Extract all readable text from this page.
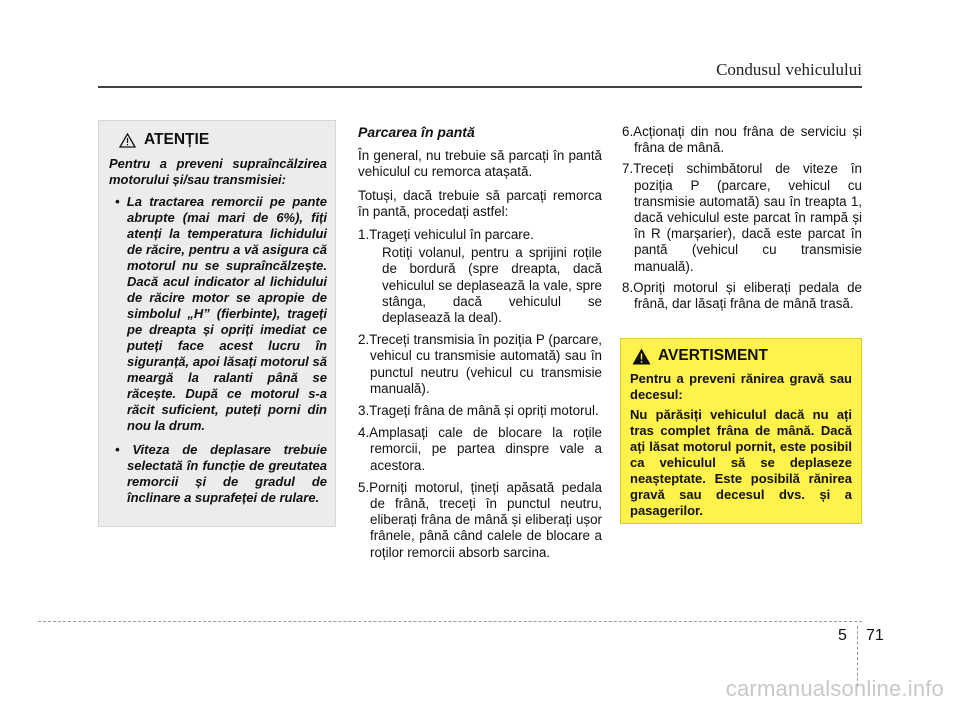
Condusul vehiculului
ATENȚIE

Pentru a preveni supraîncălzirea motorului și/sau transmisiei:

• La tractarea remorcii pe pante abrupte (mai mari de 6%), fiți atenți la temperatura lichidului de răcire, pentru a vă asigura că motorul nu se supraîncălzește. Dacă acul indicator al lichidului de răcire motor se apropie de simbolul „H” (fierbinte), trageți pe dreapta și opriți imediat ce puteți face acest lucru în siguranță, apoi lăsați motorul să meargă la ralanti până se răcește. După ce motorul s-a răcit suficient, puteți porni din nou la drum.
• Viteza de deplasare trebuie selectată în funcție de greutatea remorcii și de gradul de înclinare a suprafeței de rulare.
Parcarea în pantă

În general, nu trebuie să parcați în pantă vehiculul cu remorca atașată.

Totuși, dacă trebuie să parcați remorca în pantă, procedați astfel:

1.Trageți vehiculul în parcare.
Rotiți volanul, pentru a sprijini roțile de bordură (spre dreapta, dacă vehiculul se deplasează la vale, spre stânga, dacă vehiculul se deplasează la deal).
2.Treceți transmisia în poziția P (parcare, vehicul cu transmisie automată) sau în punctul neutru (vehicul cu transmisie manuală).
3.Trageți frâna de mână și opriți motorul.
4.Amplasați cale de blocare la roțile remorcii, pe partea dinspre vale a acestora.
5.Porniți motorul, țineți apăsată pedala de frână, treceți în punctul neutru, eliberați frâna de mână și eliberați ușor frânele, până când calele de blocare a roților remorcii absorb sarcina.
6.Acționați din nou frâna de serviciu și frâna de mână.
7.Treceți schimbătorul de viteze în poziția P (parcare, vehicul cu transmisie automată) sau în treapta 1, dacă vehiculul este parcat în rampă și în R (marșarier), dacă este parcat în pantă (vehicul cu transmisie manuală).
8.Opriți motorul și eliberați pedala de frână, dar lăsați frâna de mână trasă.
AVERTISMENT

Pentru a preveni rănirea gravă sau decesul:

Nu părăsiți vehiculul dacă nu ați tras complet frâna de mână. Dacă ați lăsat motorul pornit, este posibil ca vehiculul să se deplaseze neașteptate. Este posibilă rănirea gravă sau decesul dvs. și a pasagerilor.

5 71
carmanualsonline.info
